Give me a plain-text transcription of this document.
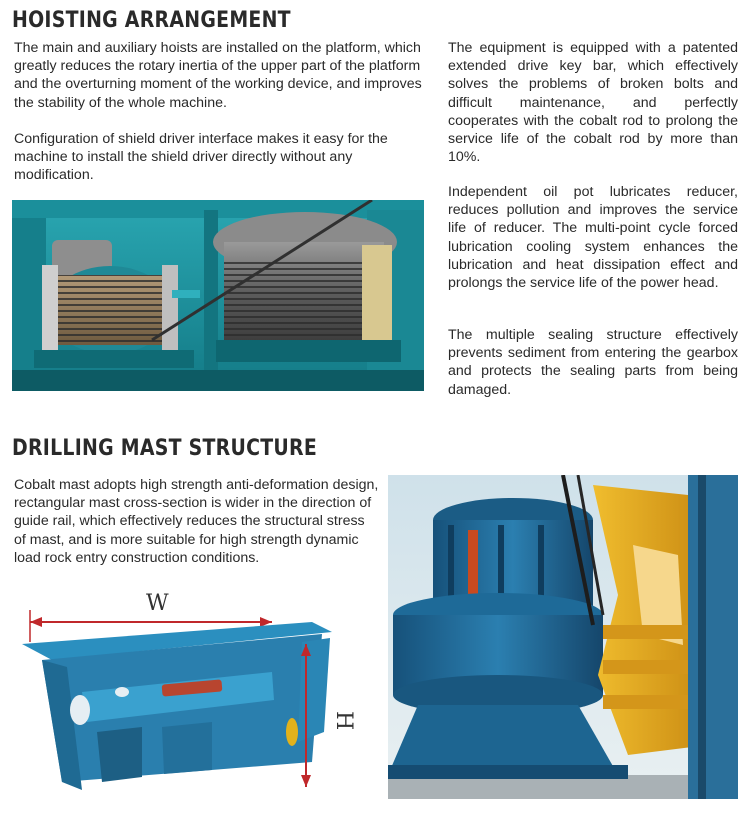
HOISTING ARRANGEMENT

The main and auxiliary hoists are installed on the platform, which greatly reduces the rotary inertia of the upper part of the platform and the overturning moment of the working device, and improves the stability of the whole machine.

Configuration of shield driver interface makes it easy for the machine to install the shield driver directly without any modification.

The equipment is equipped with a patented extended drive key bar, which effectively solves the problems of broken bolts and difficult maintenance, and perfectly cooperates with the cobalt rod to prolong the service life of the cobalt rod by more than 10%.

Independent oil pot lubricates reducer, reduces pollution and improves the service life of reducer. The multi-point cycle forced lubrication cooling system enhances the lubrication and heat dissipation effect and prolongs the service life of the power head.

The multiple sealing structure effectively prevents sediment from entering the gearbox and protects the sealing parts from being damaged.

DRILLING MAST STRUCTURE

Cobalt mast adopts high strength anti-deformation design, rectangular mast cross-section is wider in the direction of guide rail, which effectively reduces the structural stress of mast, and is more suitable for high strength dynamic load rock entry construction conditions.

W
H
